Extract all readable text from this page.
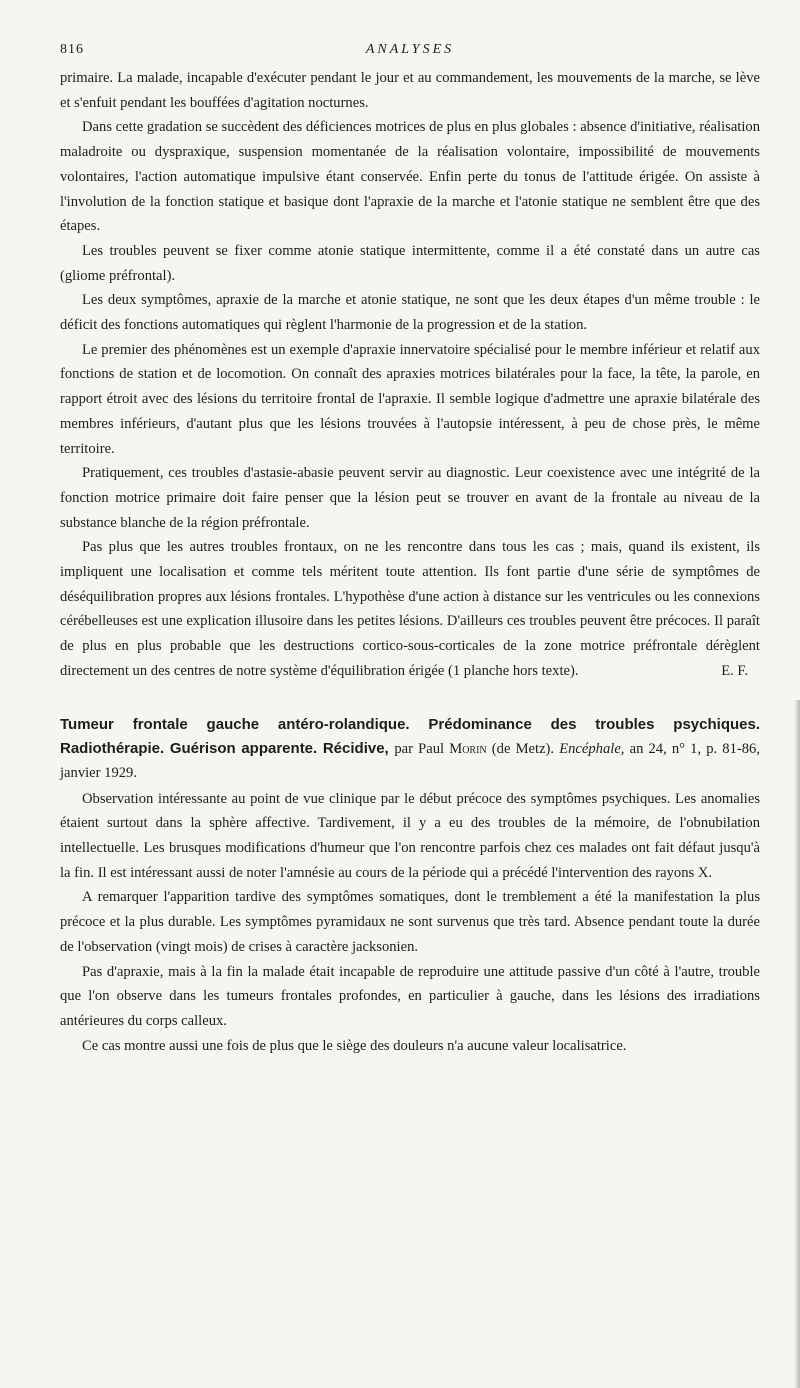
816	ANALYSES

primaire. La malade, incapable d'exécuter pendant le jour et au commandement, les mouvements de la marche, se lève et s'enfuit pendant les bouffées d'agitation nocturnes.

Dans cette gradation se succèdent des déficiences motrices de plus en plus globales : absence d'initiative, réalisation maladroite ou dyspraxique, suspension momentanée de la réalisation volontaire, impossibilité de mouvements volontaires, l'action automatique impulsive étant conservée. Enfin perte du tonus de l'attitude érigée. On assiste à l'involution de la fonction statique et basique dont l'apraxie de la marche et l'atonie statique ne semblent être que des étapes.

Les troubles peuvent se fixer comme atonie statique intermittente, comme il a été constaté dans un autre cas (gliome préfrontal).

Les deux symptômes, apraxie de la marche et atonie statique, ne sont que les deux étapes d'un même trouble : le déficit des fonctions automatiques qui règlent l'harmonie de la progression et de la station.

Le premier des phénomènes est un exemple d'apraxie innervatoire spécialisé pour le membre inférieur et relatif aux fonctions de station et de locomotion. On connaît des apraxies motrices bilatérales pour la face, la tête, la parole, en rapport étroit avec des lésions du territoire frontal de l'apraxie. Il semble logique d'admettre une apraxie bilatérale des membres inférieurs, d'autant plus que les lésions trouvées à l'autopsie intéressent, à peu de chose près, le même territoire.

Pratiquement, ces troubles d'astasie-abasie peuvent servir au diagnostic. Leur coexistence avec une intégrité de la fonction motrice primaire doit faire penser que la lésion peut se trouver en avant de la frontale au niveau de la substance blanche de la région préfrontale.

Pas plus que les autres troubles frontaux, on ne les rencontre dans tous les cas ; mais, quand ils existent, ils impliquent une localisation et comme tels méritent toute attention. Ils font partie d'une série de symptômes de déséquilibration propres aux lésions frontales. L'hypothèse d'une action à distance sur les ventricules ou les connexions cérébelleuses est une explication illusoire dans les petites lésions. D'ailleurs ces troubles peuvent être précoces. Il paraît de plus en plus probable que les destructions cortico-sous-corticales de la zone motrice préfrontale dérèglent directement un des centres de notre système d'équilibration érigée (1 planche hors texte).	E. F.

Tumeur frontale gauche antéro-rolandique. Prédominance des troubles psychiques. Radiothérapie. Guérison apparente. Récidive, par Paul Morin (de Metz). Encéphale, an 24, n° 1, p. 81-86, janvier 1929.

Observation intéressante au point de vue clinique par le début précoce des symptômes psychiques. Les anomalies étaient surtout dans la sphère affective. Tardivement, il y a eu des troubles de la mémoire, de l'obnubilation intellectuelle. Les brusques modifications d'humeur que l'on rencontre parfois chez ces malades ont fait défaut jusqu'à la fin. Il est intéressant aussi de noter l'amnésie au cours de la période qui a précédé l'intervention des rayons X.

A remarquer l'apparition tardive des symptômes somatiques, dont le tremblement a été la manifestation la plus précoce et la plus durable. Les symptômes pyramidaux ne sont survenus que très tard. Absence pendant toute la durée de l'observation (vingt mois) de crises à caractère jacksonien.

Pas d'apraxie, mais à la fin la malade était incapable de reproduire une attitude passive d'un côté à l'autre, trouble que l'on observe dans les tumeurs frontales profondes, en particulier à gauche, dans les lésions des irradiations antérieures du corps calleux.

Ce cas montre aussi une fois de plus que le siège des douleurs n'a aucune valeur localisatrice.
